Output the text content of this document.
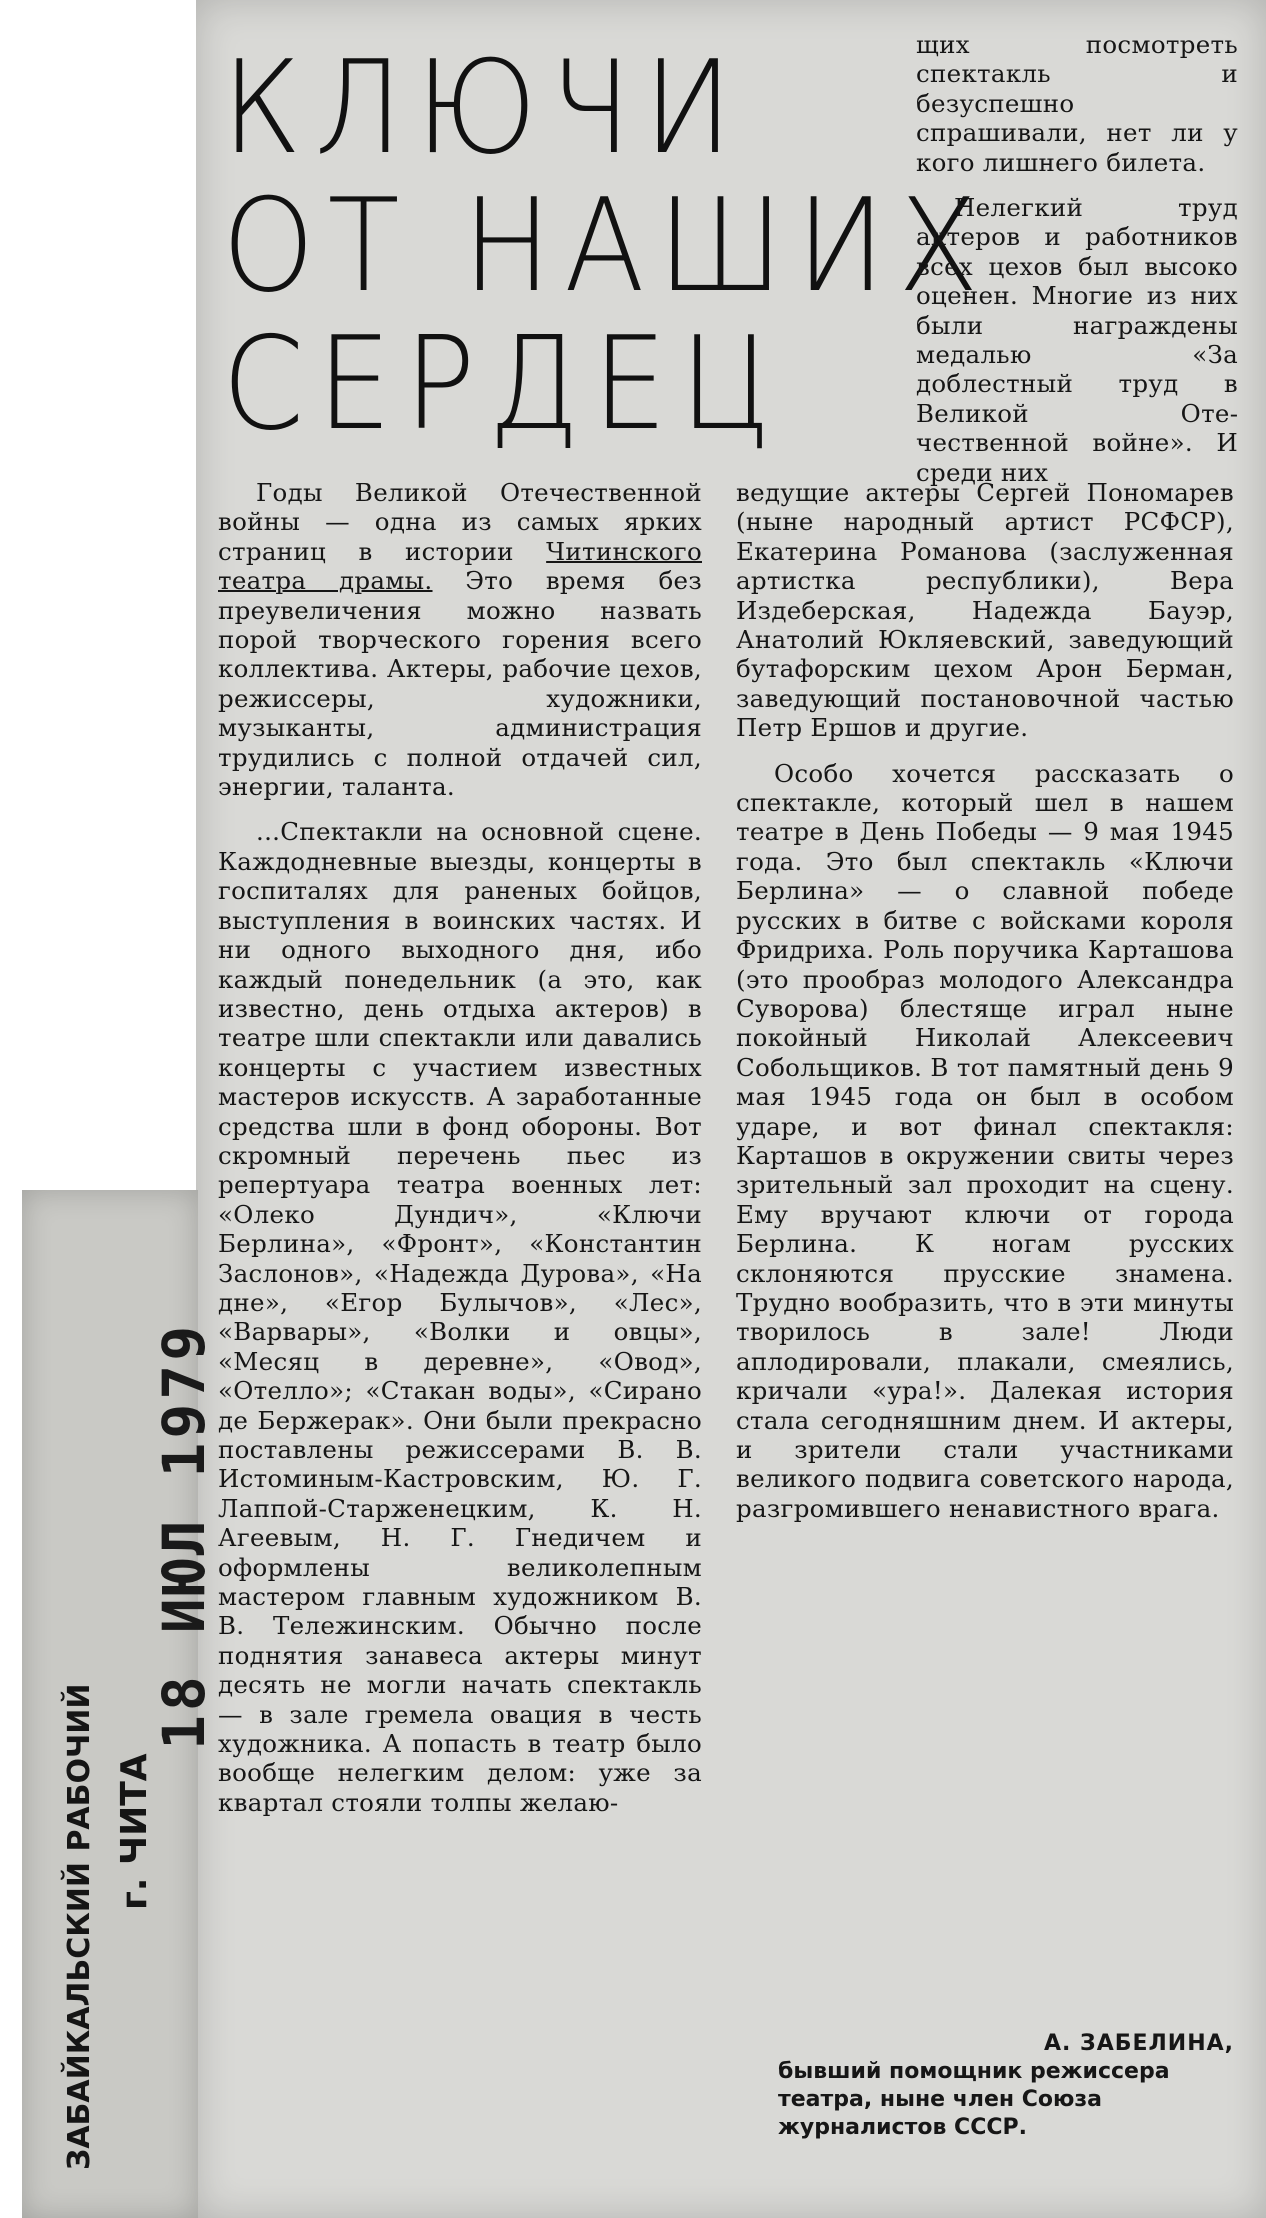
18 ИЮЛ 1979
ЗАБАЙКАЛЬСКИЙ РАБОЧИЙ г. ЧИТА
КЛЮЧИ
ОТ НАШИХ
СЕРДЕЦ

щих посмотреть спектакль и безуспешно спрашивали, нет ли у кого лишнего билета.

Нелегкий труд актеров и работников всех цехов был высоко оценен. Многие из них были награждены медалью «За доблестный труд в Великой Отечественной войне». И среди них

Годы Великой Отечественной войны — одна из самых ярких страниц в истории Читинского театра драмы. Это время без преувеличения можно назвать порой творческого горения всего коллектива. Актеры, рабочие цехов, режиссеры, художники, музыканты, администрация трудились с полной отдачей сил, энергии, таланта.

...Спектакли на основной сцене. Каждодневные выезды, концерты в госпиталях для раненых бойцов, выступления в воинских частях. И ни одного выходного дня, ибо каждый понедельник (а это, как известно, день отдыха актеров) в театре шли спектакли или давались концерты с участием известных мастеров искусств. А заработанные средства шли в фонд обороны. Вот скромный перечень пьес из репертуара театра военных лет: «Олеко Дундич», «Ключи Берлина», «Фронт», «Константин Заслонов», «Надежда Дурова», «На дне», «Егор Булычов», «Лес», «Варвары», «Волки и овцы», «Месяц в деревне», «Овод», «Отелло»; «Стакан воды», «Сирано де Бержерак». Они были прекрасно поставлены режиссерами В. В. Истоминым-Кастровским, Ю. Г. Лаппой-Старженецким, К. Н. Агеевым, Н. Г. Гнедичем и оформлены великолепным мастером главным художником В. В. Тележинским. Обычно после поднятия занавеса актеры минут десять не могли начать спектакль — в зале гремела овация в честь художника. А попасть в театр было вообще нелегким делом: уже за квартал стояли толпы желаю-

ведущие актеры Сергей Пономарев (ныне народный артист РСФСР), Екатерина Романова (заслуженная артистка республики), Вера Издеберская, Надежда Бауэр, Анатолий Юкляевский, заведующий бутафорским цехом Арон Берман, заведующий постановочной частью Петр Ершов и другие.

Особо хочется рассказать о спектакле, который шел в нашем театре в День Победы — 9 мая 1945 года. Это был спектакль «Ключи Берлина» — о славной победе русских в битве с войсками короля Фридриха. Роль поручика Карташова (это прообраз молодого Александра Суворова) блестяще играл ныне покойный Николай Алексеевич Собольщиков. В тот памятный день 9 мая 1945 года он был в особом ударе, и вот финал спектакля: Карташов в окружении свиты через зрительный зал проходит на сцену. Ему вручают ключи от города Берлина. К ногам русских склоняются прусские знамена. Трудно вообразить, что в эти минуты творилось в зале! Люди аплодировали, плакали, смеялись, кричали «ура!». Далекая история стала сегодняшним днем. И актеры, и зрители стали участниками великого подвига советского народа, разгромившего ненавистного врага.

А. ЗАБЕЛИНА,
бывший помощник режиссера театра, ныне член Союза журналистов СССР.
